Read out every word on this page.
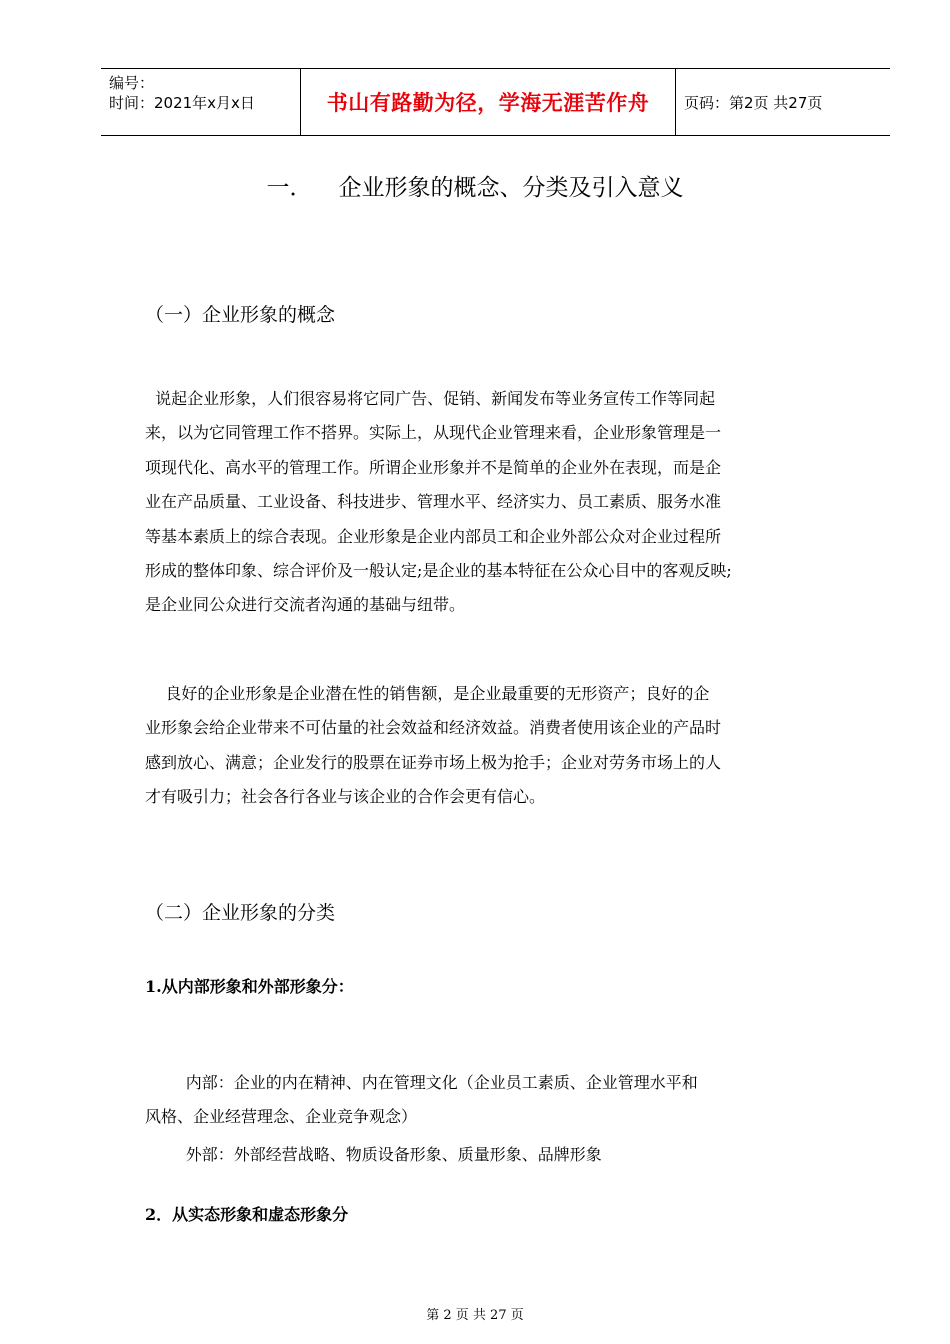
编号：
时间：2021年x月x日	书山有路勤为径，学海无涯苦作舟	页码：第2页 共27页
一． 企业形象的概念、分类及引入意义
（一）企业形象的概念
说起企业形象，人们很容易将它同广告、促销、新闻发布等业务宣传工作等同起
来，以为它同管理工作不搭界。实际上，从现代企业管理来看，企业形象管理是一
项现代化、高水平的管理工作。所谓企业形象并不是简单的企业外在表现，而是企
业在产品质量、工业设备、科技进步、管理水平、经济实力、员工素质、服务水准
等基本素质上的综合表现。企业形象是企业内部员工和企业外部公众对企业过程所
形成的整体印象、综合评价及一般认定;是企业的基本特征在公众心目中的客观反映;
是企业同公众进行交流者沟通的基础与纽带。
良好的企业形象是企业潜在性的销售额，是企业最重要的无形资产；良好的企
业形象会给企业带来不可估量的社会效益和经济效益。消费者使用该企业的产品时
感到放心、满意；企业发行的股票在证券市场上极为抢手；企业对劳务市场上的人
才有吸引力；社会各行各业与该企业的合作会更有信心。
（二）企业形象的分类
1.从内部形象和外部形象分：
内部：企业的内在精神、内在管理文化（企业员工素质、企业管理水平和
风格、企业经营理念、企业竞争观念）
外部：外部经营战略、物质设备形象、质量形象、品牌形象
2．从实态形象和虚态形象分
第 2 页 共 27 页
